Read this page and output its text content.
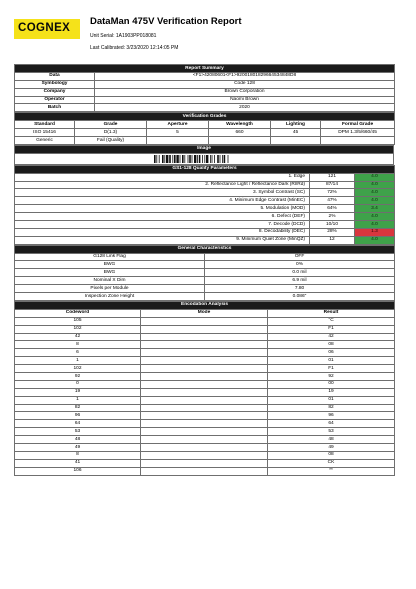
COGNEX
DataMan 475V Verification Report
Unit Serial: 1A1903PP018081
Last Calibrated: 3/23/2020 12:14:05 PM
Report Summary	
Data	<F1>42080601<F1>92001801829664534848D8
Symbology	Code 128
Company	Brown Corporation
Operator	Naomi Brown
Batch	2020
Verification Grades					
Standard	Grade	Aperture	Wavelength	Lighting	Formal Grade
ISO 15416	D(1.3)	5	660	45	DPM 1.3/5/660/45
Generic	Fail (Quality)				
Image

GS1-128 Quality Parameters		
1. Edge	121	4.0
2. Reflectance Light / Reflectance Dark (Rl/Rd)	87/14	4.0
3. Symbol Contrast (SC)	72%	4.0
4. Minimum Edge Contrast (MinEC)	47%	4.0
5. Modulation (MOD)	64%	3.4
6. Defect (DEF)	2%	4.0
7. Decode (DCD)	10/10	4.0
8. Decodability (DEC)	28%	1.3
9. Minimum Quiet Zone (MinQZ)	12	4.0
General Characteristics	
G128 Link Flag	OFF
BWG	0%
BWG	0.0 mil
Nominal X Dim	6.9 mil
Pixels per Module	7.80
Inspection Zone Height	0.086"
Encodation Analysis		
Codeword	Mode	Result
105		°C
102		F1
42		42
8		08
6		06
1		01
102		F1
92		92
0		00
19		19
1		01
82		82
96		96
64		64
53		53
48		48
49		49
8		08
41		CK
106		**
